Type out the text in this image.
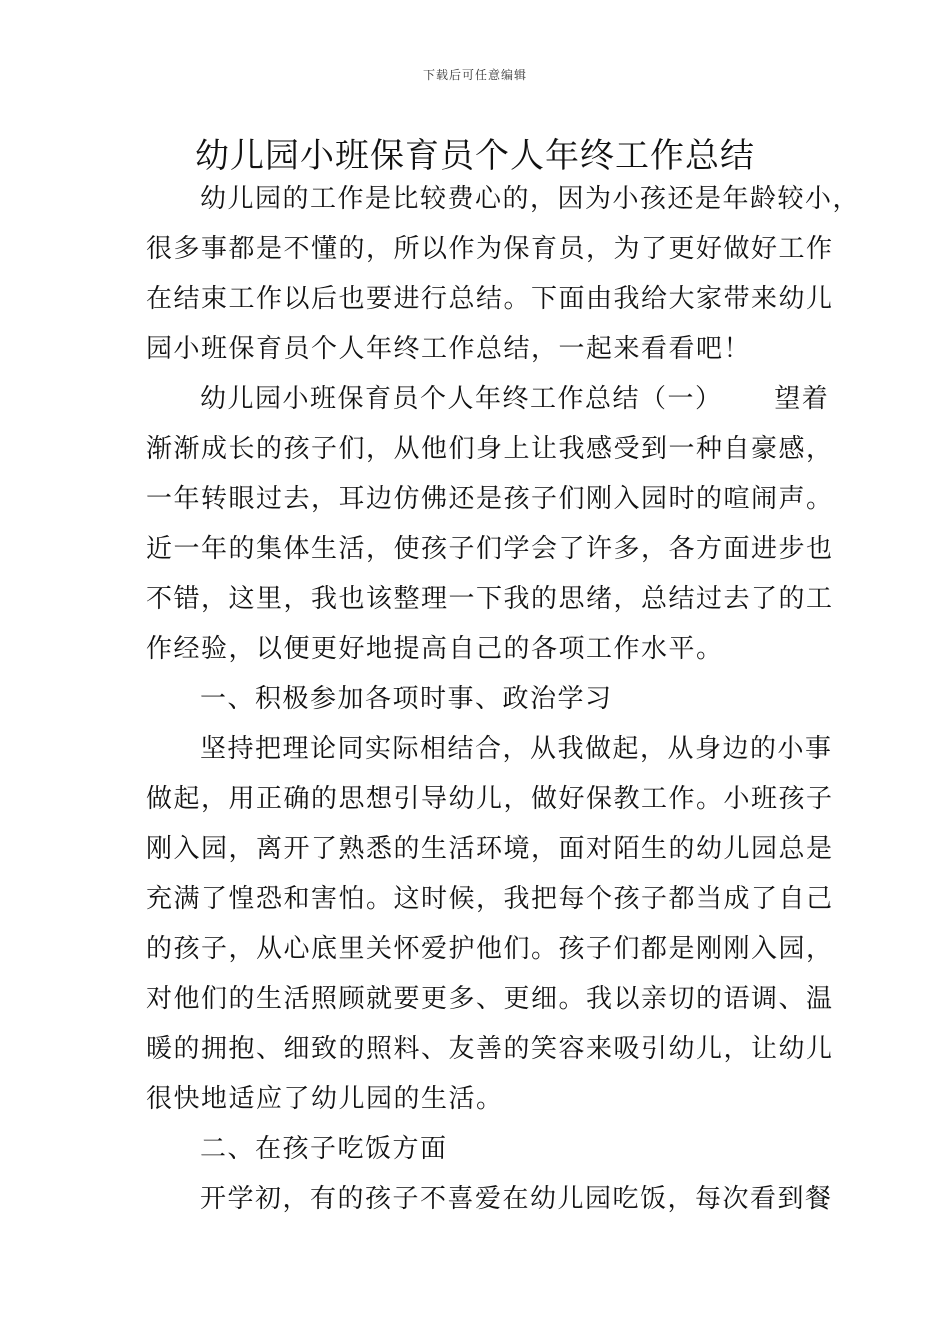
下载后可任意编辑
幼儿园小班保育员个人年终工作总结
幼儿园的工作是比较费心的，因为小孩还是年龄较小，
很多事都是不懂的，所以作为保育员，为了更好做好工作
在结束工作以后也要进行总结。下面由我给大家带来幼儿
园小班保育员个人年终工作总结，一起来看看吧！
幼儿园小班保育员个人年终工作总结（一）　　 望着
渐渐成长的孩子们，从他们身上让我感受到一种自豪感，
一年转眼过去，耳边仿佛还是孩子们刚入园时的喧闹声。
近一年的集体生活，使孩子们学会了许多，各方面进步也
不错，这里，我也该整理一下我的思绪，总结过去了的工
作经验，以便更好地提高自己的各项工作水平。
一、积极参加各项时事、政治学习
坚持把理论同实际相结合，从我做起，从身边的小事
做起，用正确的思想引导幼儿，做好保教工作。小班孩子
刚入园，离开了熟悉的生活环境，面对陌生的幼儿园总是
充满了惶恐和害怕。这时候，我把每个孩子都当成了自己
的孩子，从心底里关怀爱护他们。孩子们都是刚刚入园，
对他们的生活照顾就要更多、更细。我以亲切的语调、温
暖的拥抱、细致的照料、友善的笑容来吸引幼儿，让幼儿
很快地适应了幼儿园的生活。
二、在孩子吃饭方面
开学初，有的孩子不喜爱在幼儿园吃饭，每次看到餐
